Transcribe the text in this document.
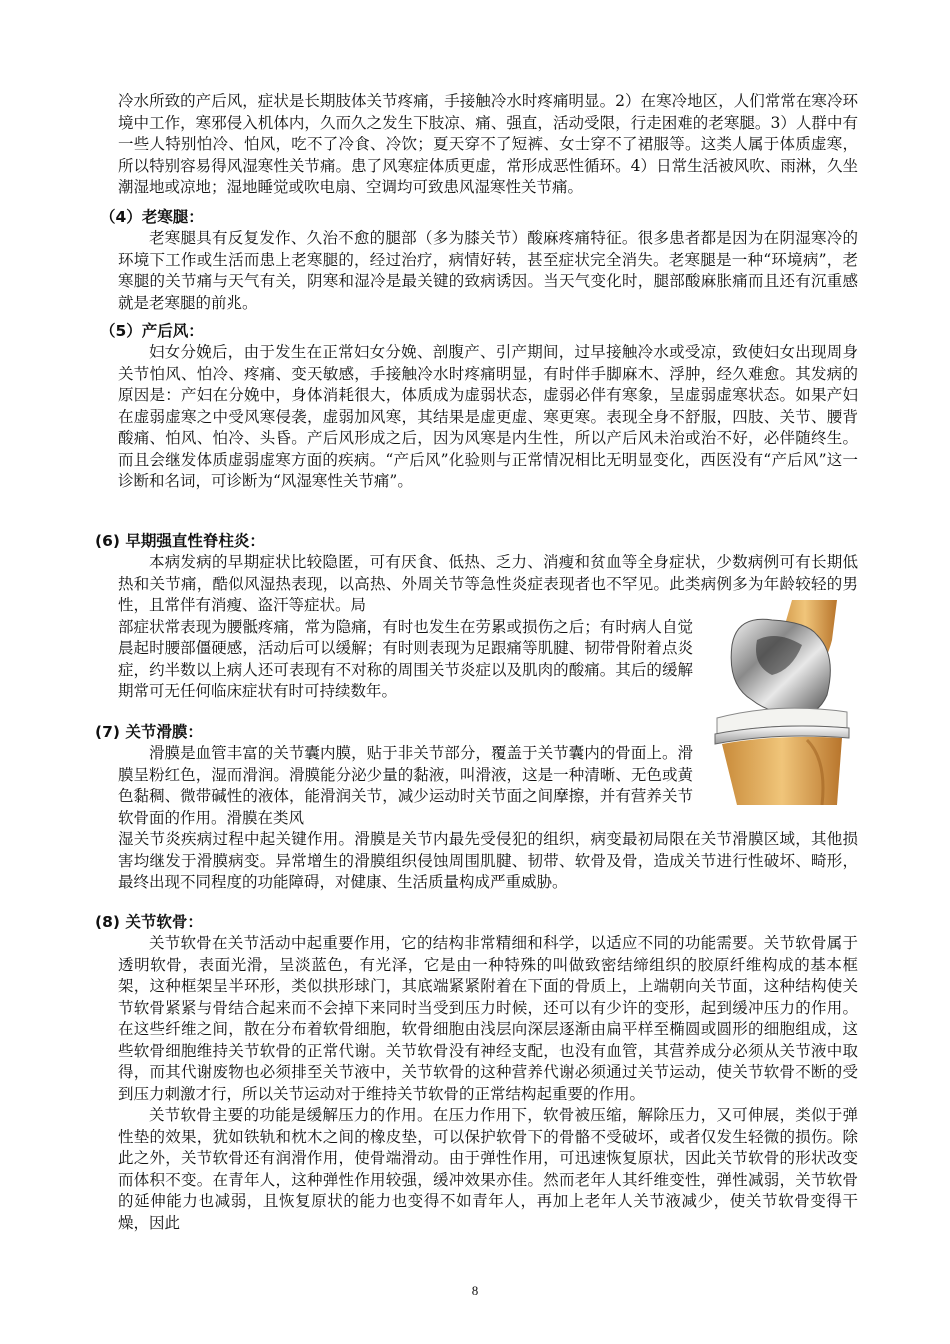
冷水所致的产后风，症状是长期肢体关节疼痛，手接触冷水时疼痛明显。2）在寒冷地区，人们常常在寒冷环境中工作，寒邪侵入机体内，久而久之发生下肢凉、痛、强直，活动受限，行走困难的老寒腿。3）人群中有一些人特别怕冷、怕风，吃不了冷食、冷饮；夏天穿不了短裤、女士穿不了裙服等。这类人属于体质虚寒，所以特别容易得风湿寒性关节痛。患了风寒症体质更虚，常形成恶性循环。4）日常生活被风吹、雨淋，久坐潮湿地或凉地；湿地睡觉或吹电扇、空调均可致患风湿寒性关节痛。

（4）老寒腿：

老寒腿具有反复发作、久治不愈的腿部（多为膝关节）酸麻疼痛特征。很多患者都是因为在阴湿寒冷的环境下工作或生活而患上老寒腿的，经过治疗，病情好转，甚至症状完全消失。老寒腿是一种“环境病”，老寒腿的关节痛与天气有关，阴寒和湿冷是最关键的致病诱因。当天气变化时，腿部酸麻胀痛而且还有沉重感就是老寒腿的前兆。

（5）产后风：

妇女分娩后，由于发生在正常妇女分娩、剖腹产、引产期间，过早接触冷水或受凉，致使妇女出现周身关节怕风、怕冷、疼痛、变天敏感，手接触冷水时疼痛明显，有时伴手脚麻木、浮肿，经久难愈。其发病的原因是：产妇在分娩中，身体消耗很大，体质成为虚弱状态，虚弱必伴有寒象，呈虚弱虚寒状态。如果产妇在虚弱虚寒之中受风寒侵袭，虚弱加风寒，其结果是虚更虚、寒更寒。表现全身不舒服，四肢、关节、腰背酸痛、怕风、怕冷、头昏。产后风形成之后，因为风寒是内生性，所以产后风未治或治不好，必伴随终生。而且会继发体质虚弱虚寒方面的疾病。“产后风”化验则与正常情况相比无明显变化，西医没有“产后风”这一诊断和名词，可诊断为“风湿寒性关节痛”。

(6) 早期强直性脊柱炎：

本病发病的早期症状比较隐匿，可有厌食、低热、乏力、消瘦和贫血等全身症状，少数病例可有长期低热和关节痛，酷似风湿热表现，以高热、外周关节等急性炎症表现者也不罕见。此类病例多为年龄较轻的男性，且常伴有消瘦、盗汗等症状。局

部症状常表现为腰骶疼痛，常为隐痛，有时也发生在劳累或损伤之后；有时病人自觉晨起时腰部僵硬感，活动后可以缓解；有时则表现为足跟痛等肌腱、韧带骨附着点炎症，约半数以上病人还可表现有不对称的周围关节炎症以及肌肉的酸痛。其后的缓解期常可无任何临床症状有时可持续数年。

(7) 关节滑膜：

滑膜是血管丰富的关节囊内膜，贴于非关节部分，覆盖于关节囊内的骨面上。滑膜呈粉红色，湿而滑润。滑膜能分泌少量的黏液，叫滑液，这是一种清晰、无色或黄色黏稠、微带碱性的液体，能滑润关节，减少运动时关节面之间摩擦，并有营养关节软骨面的作用。滑膜在类风

湿关节炎疾病过程中起关键作用。滑膜是关节内最先受侵犯的组织，病变最初局限在关节滑膜区域，其他损害均继发于滑膜病变。异常增生的滑膜组织侵蚀周围肌腱、韧带、软骨及骨，造成关节进行性破坏、畸形，最终出现不同程度的功能障碍，对健康、生活质量构成严重威胁。

(8) 关节软骨：

关节软骨在关节活动中起重要作用，它的结构非常精细和科学，以适应不同的功能需要。关节软骨属于透明软骨，表面光滑，呈淡蓝色，有光泽，它是由一种特殊的叫做致密结缔组织的胶原纤维构成的基本框架，这种框架呈半环形，类似拱形球门，其底端紧紧附着在下面的骨质上，上端朝向关节面，这种结构使关节软骨紧紧与骨结合起来而不会掉下来同时当受到压力时候，还可以有少许的变形，起到缓冲压力的作用。在这些纤维之间，散在分布着软骨细胞，软骨细胞由浅层向深层逐渐由扁平样至椭圆或圆形的细胞组成，这些软骨细胞维持关节软骨的正常代谢。关节软骨没有神经支配，也没有血管，其营养成分必须从关节液中取得，而其代谢废物也必须排至关节液中，关节软骨的这种营养代谢必须通过关节运动，使关节软骨不断的受到压力刺激才行，所以关节运动对于维持关节软骨的正常结构起重要的作用。

关节软骨主要的功能是缓解压力的作用。在压力作用下，软骨被压缩，解除压力，又可伸展，类似于弹性垫的效果，犹如铁轨和枕木之间的橡皮垫，可以保护软骨下的骨骼不受破坏，或者仅发生轻微的损伤。除此之外，关节软骨还有润滑作用，使骨端滑动。由于弹性作用，可迅速恢复原状，因此关节软骨的形状改变而体积不变。在青年人，这种弹性作用较强，缓冲效果亦佳。然而老年人其纤维变性，弹性减弱，关节软骨的延伸能力也减弱，且恢复原状的能力也变得不如青年人，再加上老年人关节液减少，使关节软骨变得干燥，因此

8
